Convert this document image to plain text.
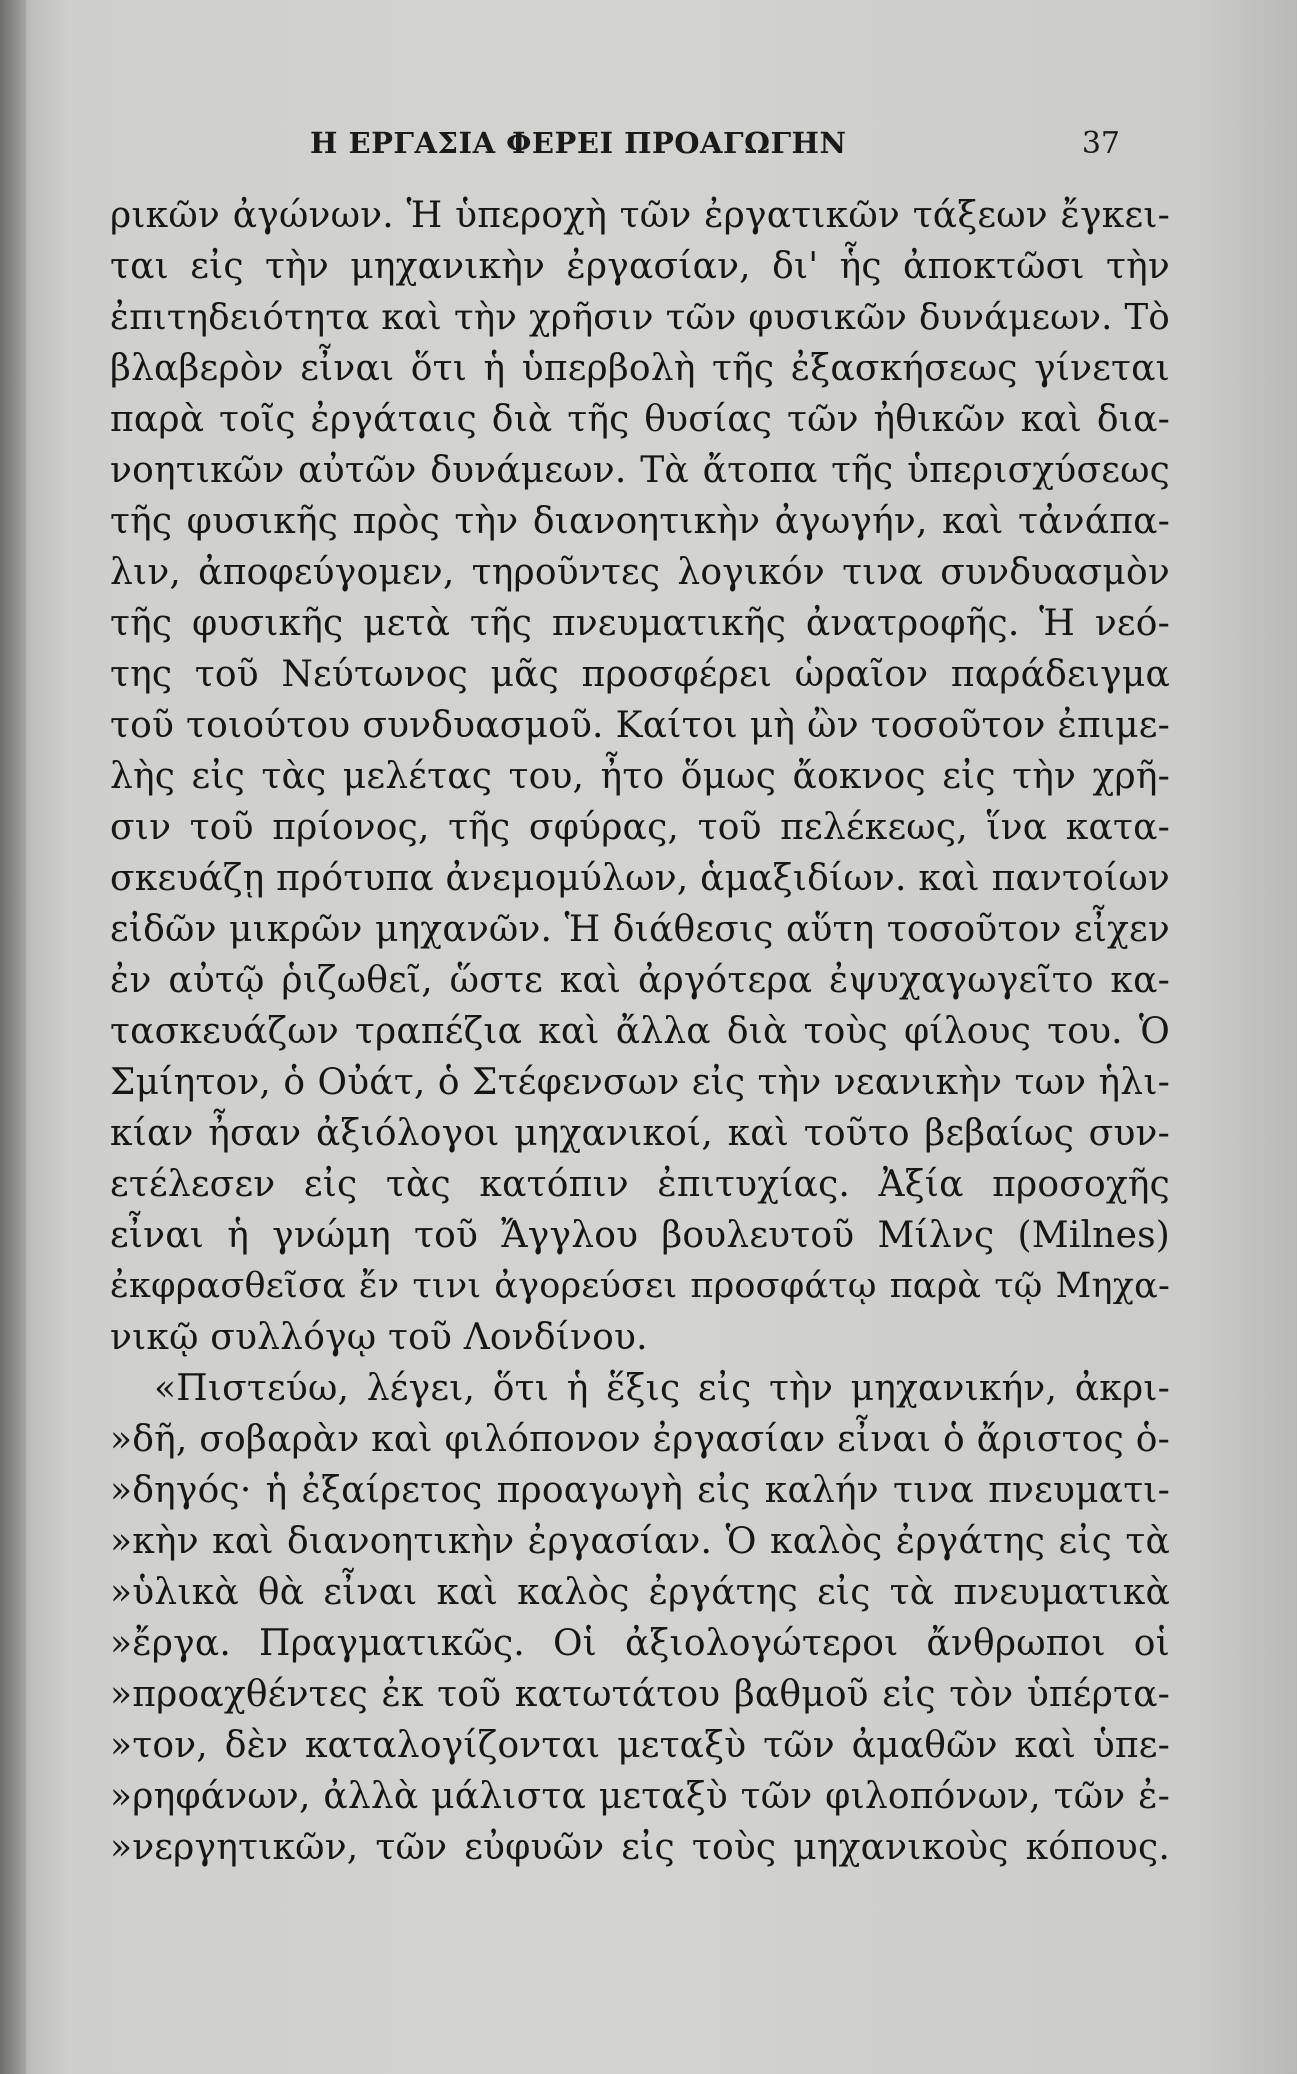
Η ΕΡΓΑΣΙΑ ΦΕΡΕΙ ΠΡΟΑΓΩΓΗΝ	37
ρικῶν ἀγώνων. Ἡ ὑπεροχὴ τῶν ἐργατικῶν τάξεων ἔγκει-
ται εἰς τὴν μηχανικὴν ἐργασίαν, δι' ἧς ἀποκτῶσι τὴν
ἐπιτηδειότητα καὶ τὴν χρῆσιν τῶν φυσικῶν δυνάμεων. Τὸ
βλαβερὸν εἶναι ὅτι ἡ ὑπερβολὴ τῆς ἐξασκήσεως γίνεται
παρὰ τοῖς ἐργάταις διὰ τῆς θυσίας τῶν ἠθικῶν καὶ δια-
νοητικῶν αὐτῶν δυνάμεων. Τὰ ἄτοπα τῆς ὑπερισχύσεως
τῆς φυσικῆς πρὸς τὴν διανοητικὴν ἀγωγήν, καὶ τἀνάπα-
λιν, ἀποφεύγομεν, τηροῦντες λογικόν τινα συνδυασμὸν
τῆς φυσικῆς μετὰ τῆς πνευματικῆς ἀνατροφῆς. Ἡ νεό-
της τοῦ Νεύτωνος μᾶς προσφέρει ὡραῖον παράδειγμα
τοῦ τοιούτου συνδυασμοῦ. Καίτοι μὴ ὢν τοσοῦτον ἐπιμε-
λὴς εἰς τὰς μελέτας του, ἦτο ὅμως ἄοκνος εἰς τὴν χρῆ-
σιν τοῦ πρίονος, τῆς σφύρας, τοῦ πελέκεως, ἵνα κατα-
σκευάζῃ πρότυπα ἀνεμομύλων, ἁμαξιδίων. καὶ παντοίων
εἰδῶν μικρῶν μηχανῶν. Ἡ διάθεσις αὕτη τοσοῦτον εἶχεν
ἐν αὐτῷ ῥιζωθεῖ, ὥστε καὶ ἀργότερα ἐψυχαγωγεῖτο κα-
τασκευάζων τραπέζια καὶ ἄλλα διὰ τοὺς φίλους του. Ὁ
Σμίητον, ὁ Οὐάτ, ὁ Στέφενσων εἰς τὴν νεανικὴν των ἡλι-
κίαν ἦσαν ἀξιόλογοι μηχανικοί, καὶ τοῦτο βεβαίως συν-
ετέλεσεν εἰς τὰς κατόπιν ἐπιτυχίας. Ἀξία προσοχῆς
εἶναι ἡ γνώμη τοῦ Ἄγγλου βουλευτοῦ Μίλνς (Milnes)
ἐκφρασθεῖσα ἔν τινι ἀγορεύσει προσφάτῳ παρὰ τῷ Μηχα-
νικῷ συλλόγῳ τοῦ Λονδίνου.
«Πιστεύω, λέγει, ὅτι ἡ ἕξις εἰς τὴν μηχανικήν, ἀκρι-
»δῆ, σοβαρὰν καὶ φιλόπονον ἐργασίαν εἶναι ὁ ἄριστος ὁ-
»δηγός· ἡ ἐξαίρετος προαγωγὴ εἰς καλήν τινα πνευματι-
»κὴν καὶ διανοητικὴν ἐργασίαν. Ὁ καλὸς ἐργάτης εἰς τὰ
»ὑλικὰ θὰ εἶναι καὶ καλὸς ἐργάτης εἰς τὰ πνευματικὰ
»ἔργα. Πραγματικῶς. Οἱ ἀξιολογώτεροι ἄνθρωποι οἱ
»προαχθέντες ἐκ τοῦ κατωτάτου βαθμοῦ εἰς τὸν ὑπέρτα-
»τον, δὲν καταλογίζονται μεταξὺ τῶν ἀμαθῶν καὶ ὑπε-
»ρηφάνων, ἀλλὰ μάλιστα μεταξὺ τῶν φιλοπόνων, τῶν ἐ-
»νεργητικῶν, τῶν εὐφυῶν εἰς τοὺς μηχανικοὺς κόπους.
